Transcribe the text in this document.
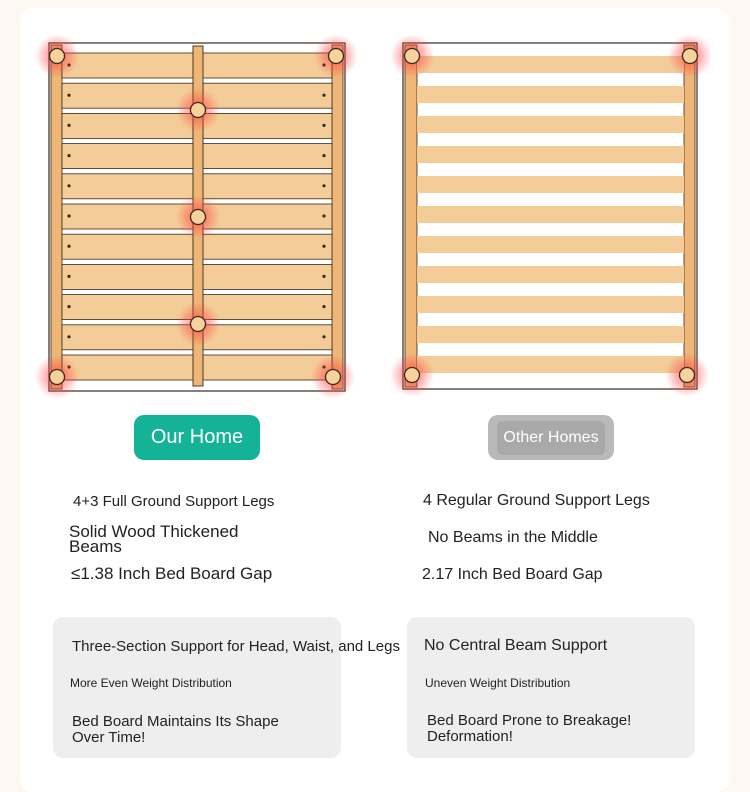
Our Home	Other Homes
4+3 Full Ground Support Legs
Solid Wood Thickened Beams
≤1.38 Inch Bed Board Gap
4 Regular Ground Support Legs
No Beams in the Middle
2.17 Inch Bed Board Gap
Three-Section Support for Head, Waist, and Legs
More Even Weight Distribution
Bed Board Maintains Its Shape Over Time!
No Central Beam Support
Uneven Weight Distribution
Bed Board Prone to Breakage! Deformation!
